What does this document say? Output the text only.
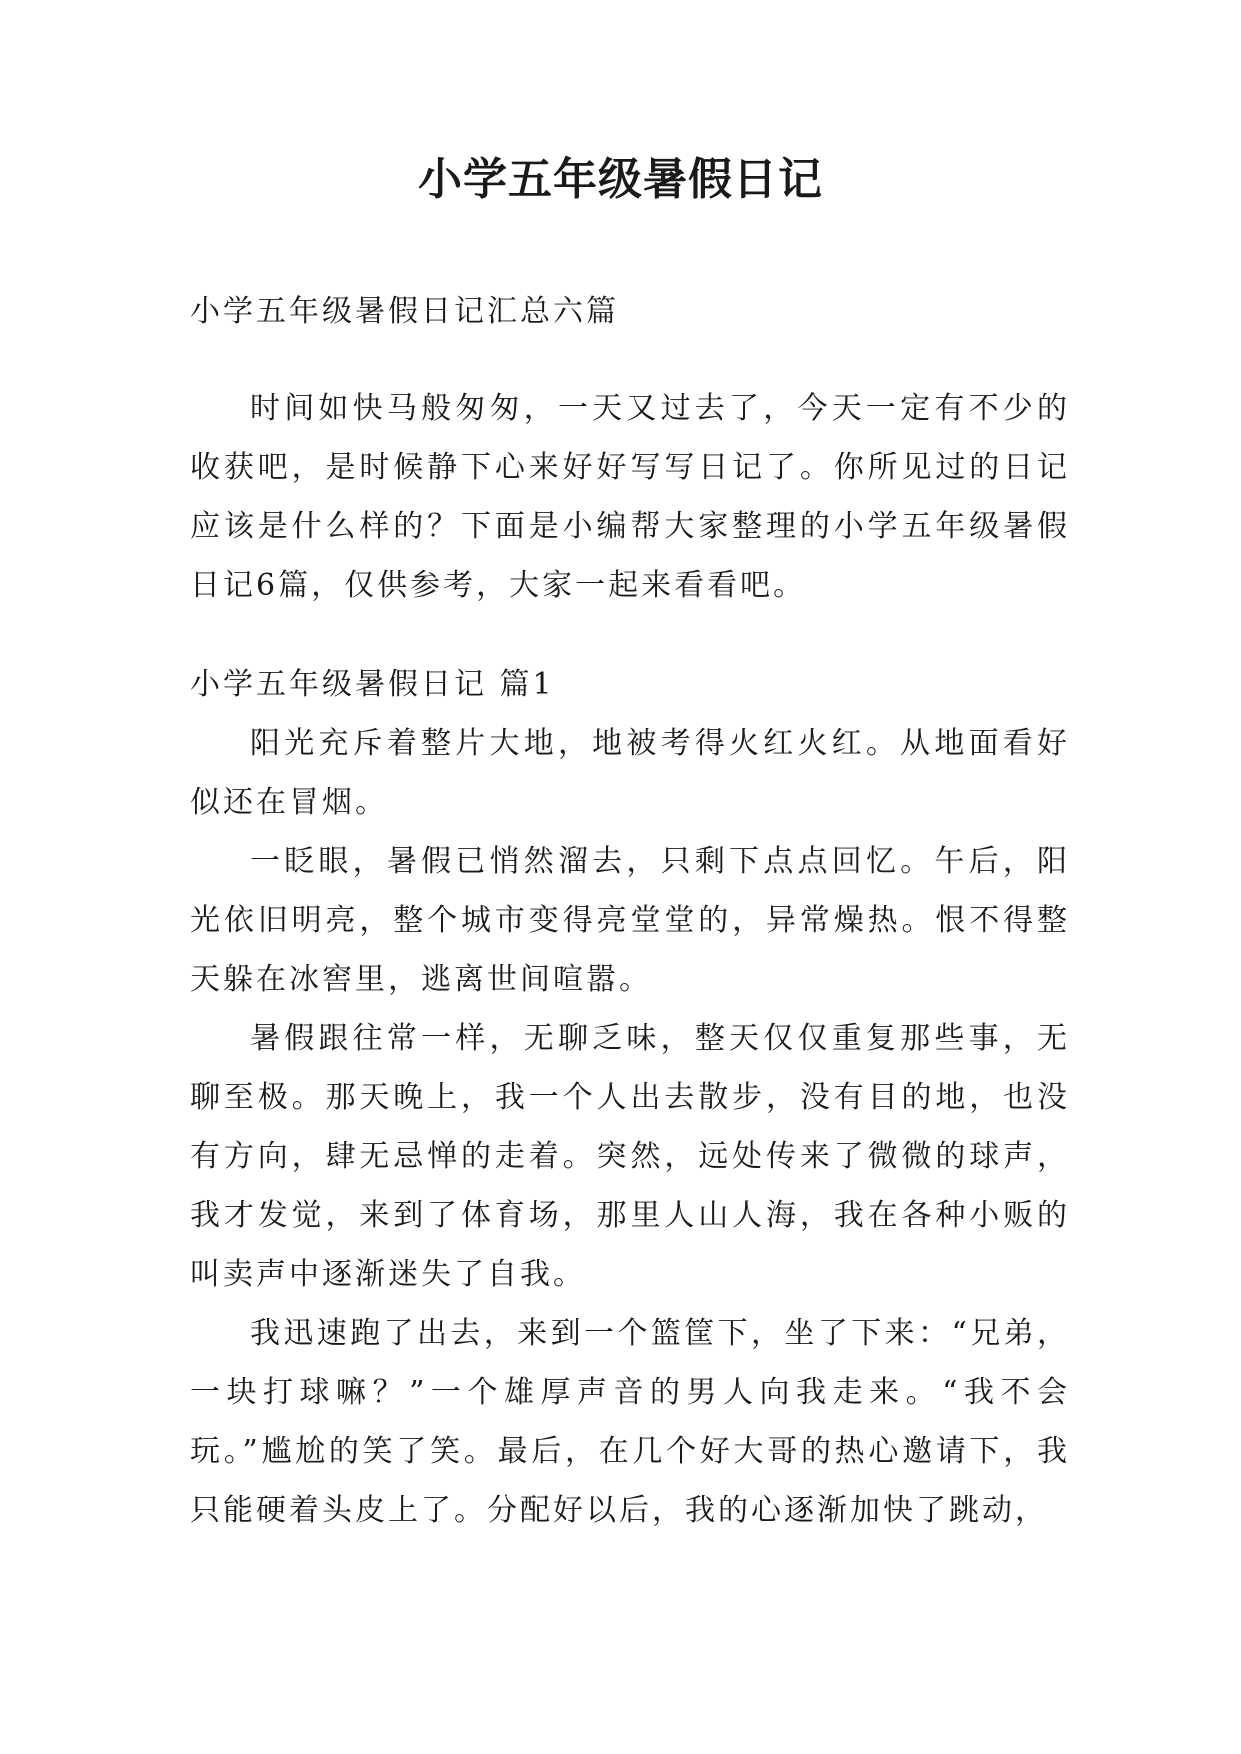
小学五年级暑假日记

小学五年级暑假日记汇总六篇

时间如快马般匆匆，一天又过去了，今天一定有不少的收获吧，是时候静下心来好好写写日记了。你所见过的日记应该是什么样的？下面是小编帮大家整理的小学五年级暑假日记6篇，仅供参考，大家一起来看看吧。

小学五年级暑假日记 篇1

阳光充斥着整片大地，地被考得火红火红。从地面看好似还在冒烟。

一眨眼，暑假已悄然溜去，只剩下点点回忆。午后，阳光依旧明亮，整个城市变得亮堂堂的，异常燥热。恨不得整天躲在冰窖里，逃离世间喧嚣。

暑假跟往常一样，无聊乏味，整天仅仅重复那些事，无聊至极。那天晚上，我一个人出去散步，没有目的地，也没有方向，肆无忌惮的走着。突然，远处传来了微微的球声，我才发觉，来到了体育场，那里人山人海，我在各种小贩的叫卖声中逐渐迷失了自我。

我迅速跑了出去，来到一个篮筐下，坐了下来：“兄弟，一块打球嘛？”一个雄厚声音的男人向我走来。“我不会玩。”尴尬的笑了笑。最后，在几个好大哥的热心邀请下，我只能硬着头皮上了。分配好以后，我的心逐渐加快了跳动，
